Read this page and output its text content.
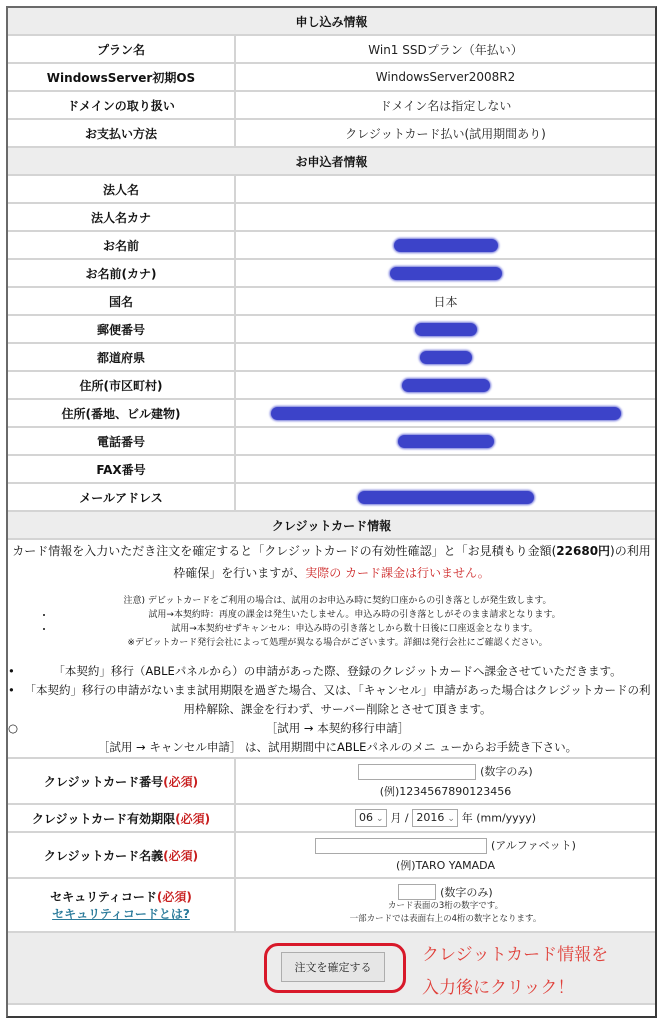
申し込み情報	
プラン名	Win1 SSDプラン（年払い）
WindowsServer初期OS	WindowsServer2008R2
ドメインの取り扱い	ドメイン名は指定しない
お支払い方法	クレジットカード払い(試用期間あり)
お申込者情報	
法人名	
法人名カナ	
お名前	
お名前(カナ)	
国名	日本
郵便番号	
都道府県	
住所(市区町村)	
住所(番地、ビル建物)	
電話番号	
FAX番号	
メールアドレス	
クレジットカード情報	

カード情報を入力いただき注文を確定すると「クレジットカードの有効性確認」と「お見積もり金額(22680円)の利用枠確保」を行いますが、実際の カード課金は行いません。
注意) デビットカードをご利用の場合は、試用のお申込み時に契約口座からの引き落としが発生致します。
• 試用→本契約時：再度の課金は発生いたしません。申込み時の引き落としがそのまま請求となります。
• 試用→本契約せずキャンセル：申込み時の引き落としから数十日後に口座返金となります。
※デビットカード発行会社によって処理が異なる場合がございます。詳細は発行会社にご確認ください。
•	「本契約」移行（ABLEパネルから）の申請があった際、登録のクレジットカードへ課金させていただきます。
• 「本契約」移行の申請がないまま試用期限を過ぎた場合、又は、「キャンセル」申請があった場合はクレジットカードの利用枠解除、課金を行わず、サーバー削除とさせて頂きます。
○	［試用 → 本契約移行申請］
［試用 → キャンセル申請］ は、試用期間中にABLEパネルのメニ ューからお手続き下さい。

クレジットカード番号(必須)	(数字のみ)
(例)1234567890123456

クレジットカード有効期限(必須)	06 ⌄ 月 / 2016 ⌄ 年 (mm/yyyy)
クレジットカード名義(必須)	(アルファベット)
(例)TARO YAMADA

セキュリティコード(必須)
セキュリティコードとは?	
(数字のみ)
カード表面の3桁の数字です。
一部カードでは表面右上の4桁の数字となります。

注文を確定する
クレジットカード情報を
入力後にクリック！	
